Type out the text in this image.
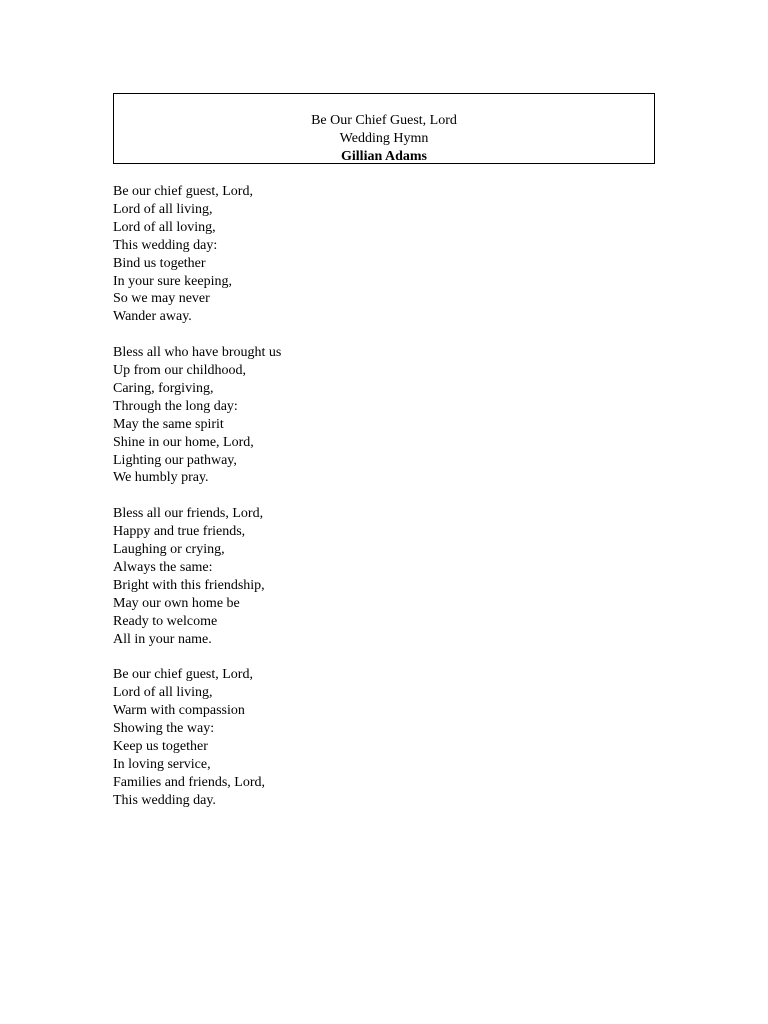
Be Our Chief Guest, Lord
Wedding Hymn
Gillian Adams
Be our chief guest, Lord,
Lord of all living,
Lord of all loving,
This wedding day:
Bind us together
In your sure keeping,
So we may never
Wander away.
Bless all who have brought us
Up from our childhood,
Caring, forgiving,
Through the long day:
May the same spirit
Shine in our home, Lord,
Lighting our pathway,
We humbly pray.
Bless all our friends, Lord,
Happy and true friends,
Laughing or crying,
Always the same:
Bright with this friendship,
May our own home be
Ready to welcome
All in your name.
Be our chief guest, Lord,
Lord of all living,
Warm with compassion
Showing the way:
Keep us together
In loving service,
Families and friends, Lord,
This wedding day.
